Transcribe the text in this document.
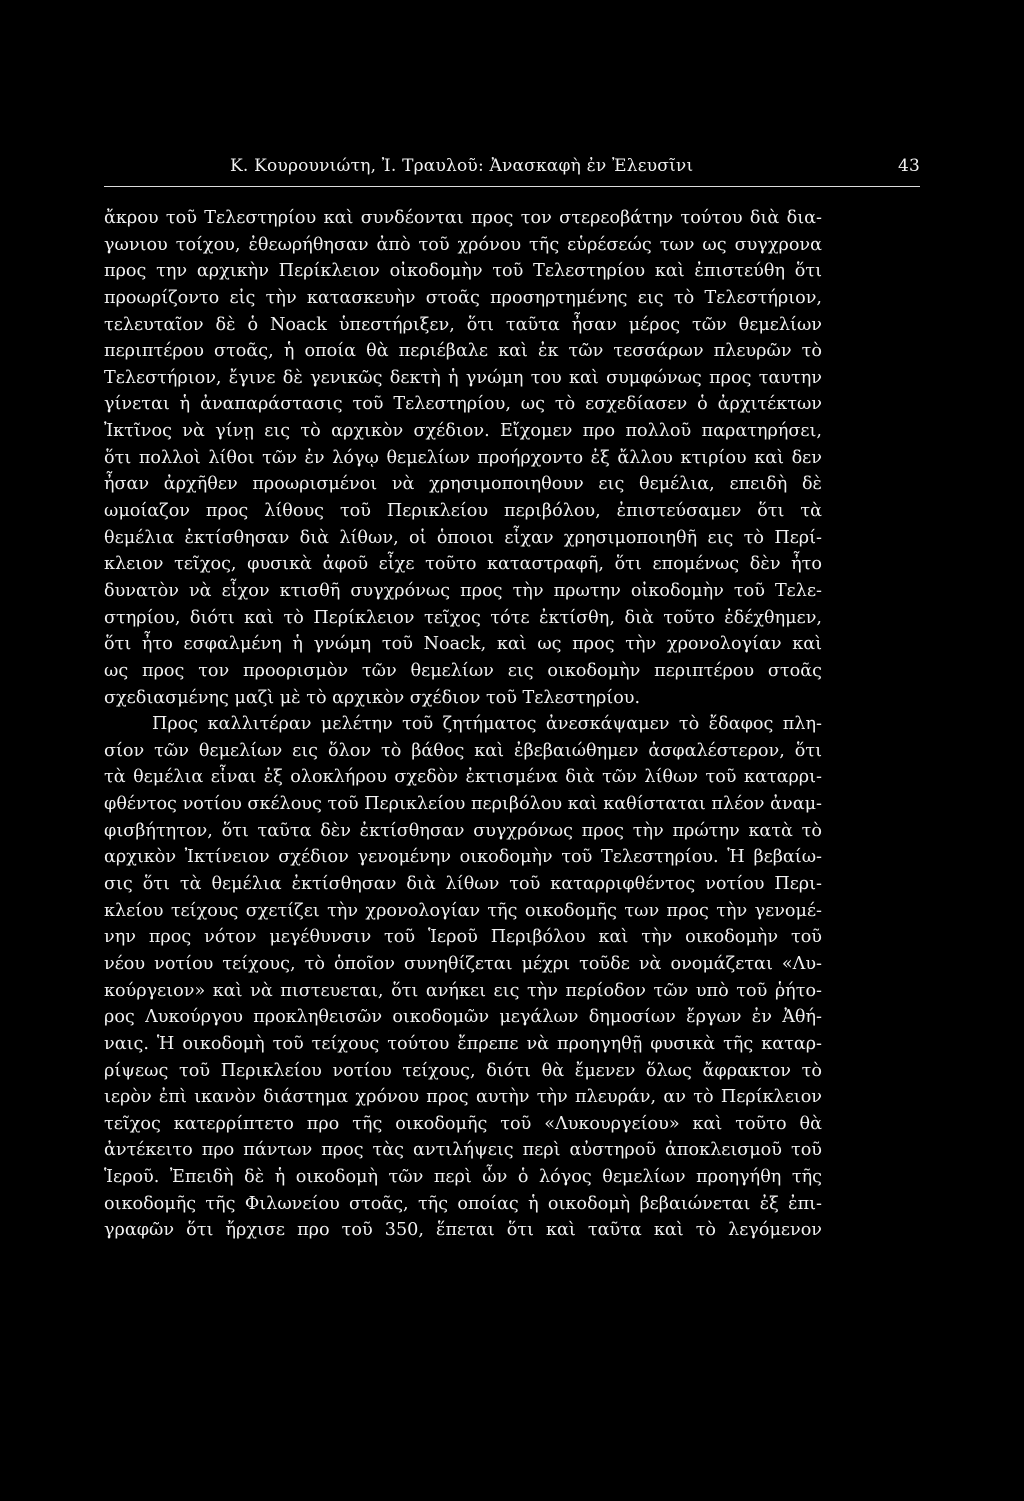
Κ. Κουρουνιώτη, Ἰ. Τραυλοῦ: Ἀνασκαφὴ ἐν Ἐλευσῖνι	43
ἄκρου τοῦ Τελεστηρίου καὶ συνδέονται προς τον στερεοβάτην τούτου διὰ δια-
γωνιου τοίχου, ἐθεωρήθησαν ἀπὸ τοῦ χρόνου τῆς εὑρέσεώς των ως συγχρονα
προς την αρχικὴν Περίκλειον οἰκοδομὴν τοῦ Τελεστηρίου καὶ ἐπιστεύθη ὅτι
προωρίζοντο εἰς τὴν κατασκευὴν στοᾶς προσηρτημένης εις τὸ Τελεστήριον,
τελευταῖον δὲ ὁ Noack ὑπεστήριξεν, ὅτι ταῦτα ἦσαν μέρος τῶν θεμελίων
περιπτέρου στοᾶς, ἡ οποία θὰ περιέβαλε καὶ ἐκ τῶν τεσσάρων πλευρῶν τὸ
Τελεστήριον, ἔγινε δὲ γενικῶς δεκτὴ ἡ γνώμη του καὶ συμφώνως προς ταυτην
γίνεται ἡ ἀναπαράστασις τοῦ Τελεστηρίου, ως τὸ εσχεδίασεν ὁ ἀρχιτέκτων
Ἰκτῖνος νὰ γίνῃ εις τὸ αρχικὸν σχέδιον. Εἴχομεν προ πολλοῦ παρατηρήσει,
ὅτι πολλοὶ λίθοι τῶν ἐν λόγῳ θεμελίων προήρχοντο ἐξ ἄλλου κτιρίου καὶ δεν
ἦσαν ἀρχῆθεν προωρισμένοι νὰ χρησιμοποιηθουν εις θεμέλια, επειδὴ δὲ
ωμοίαζον προς λίθους τοῦ Περικλείου περιβόλου, ἐπιστεύσαμεν ὅτι τὰ
θεμέλια ἐκτίσθησαν διὰ λίθων, οἱ ὁποιοι εἶχαν χρησιμοποιηθῆ εις τὸ Περί-
κλειον τεῖχος, φυσικὰ ἀφοῦ εἶχε τοῦτο καταστραφῆ, ὅτι επομένως δὲν ἦτο
δυνατὸν νὰ εἶχον κτισθῆ συγχρόνως προς τὴν πρωτην οἰκοδομὴν τοῦ Τελε-
στηρίου, διότι καὶ τὸ Περίκλειον τεῖχος τότε ἐκτίσθη, διὰ τοῦτο ἐδέχθημεν,
ὅτι ἦτο εσφαλμένη ἡ γνώμη τοῦ Noack, καὶ ως προς τὴν χρονολογίαν καὶ
ως προς τον προορισμὸν τῶν θεμελίων εις οικοδομὴν περιπτέρου στοᾶς
σχεδιασμένης μαζὶ μὲ τὸ αρχικὸν σχέδιον τοῦ Τελεστηρίου.
Προς καλλιτέραν μελέτην τοῦ ζητήματος ἀνεσκάψαμεν τὸ ἔδαφος πλη-
σίον τῶν θεμελίων εις ὅλον τὸ βάθος καὶ ἐβεβαιώθημεν ἀσφαλέστερον, ὅτι
τὰ θεμέλια εἶναι ἐξ ολοκλήρου σχεδὸν ἐκτισμένα διὰ τῶν λίθων τοῦ καταρρι-
φθέντος νοτίου σκέλους τοῦ Περικλείου περιβόλου καὶ καθίσταται πλέον ἀναμ-
φισβήτητον, ὅτι ταῦτα δὲν ἐκτίσθησαν συγχρόνως προς τὴν πρώτην κατὰ τὸ
αρχικὸν Ἰκτίνειον σχέδιον γενομένην οικοδομὴν τοῦ Τελεστηρίου. Ἡ βεβαίω-
σις ὅτι τὰ θεμέλια ἐκτίσθησαν διὰ λίθων τοῦ καταρριφθέντος νοτίου Περι-
κλείου τείχους σχετίζει τὴν χρονολογίαν τῆς οικοδομῆς των προς τὴν γενομέ-
νην προς νότον μεγέθυνσιν τοῦ Ἱεροῦ Περιβόλου καὶ τὴν οικοδομὴν τοῦ
νέου νοτίου τείχους, τὸ ὁποῖον συνηθίζεται μέχρι τοῦδε νὰ ονομάζεται «Λυ-
κούργειον» καὶ νὰ πιστευεται, ὅτι ανήκει εις τὴν περίοδον τῶν υπὸ τοῦ ῥήτο-
ρος Λυκούργου προκληθεισῶν οικοδομῶν μεγάλων δημοσίων ἔργων ἐν Ἀθή-
ναις. Ἡ οικοδομὴ τοῦ τείχους τούτου ἔπρεπε νὰ προηγηθῇ φυσικὰ τῆς καταρ-
ρίψεως τοῦ Περικλείου νοτίου τείχους, διότι θὰ ἔμενεν ὅλως ἄφρακτον τὸ
ιερὸν ἐπὶ ικανὸν διάστημα χρόνου προς αυτὴν τὴν πλευράν, αν τὸ Περίκλειον
τεῖχος κατερρίπτετο προ τῆς οικοδομῆς τοῦ «Λυκουργείου» καὶ τοῦτο θὰ
ἀντέκειτο προ πάντων προς τὰς αντιλήψεις περὶ αὐστηροῦ ἀποκλεισμοῦ τοῦ
Ἱεροῦ. Ἐπειδὴ δὲ ἡ οικοδομὴ τῶν περὶ ὧν ὁ λόγος θεμελίων προηγήθη τῆς
οικοδομῆς τῆς Φιλωνείου στοᾶς, τῆς οποίας ἡ οικοδομὴ βεβαιώνεται ἐξ ἐπι-
γραφῶν ὅτι ἤρχισε προ τοῦ 350, ἕπεται ὅτι καὶ ταῦτα καὶ τὸ λεγόμενον
